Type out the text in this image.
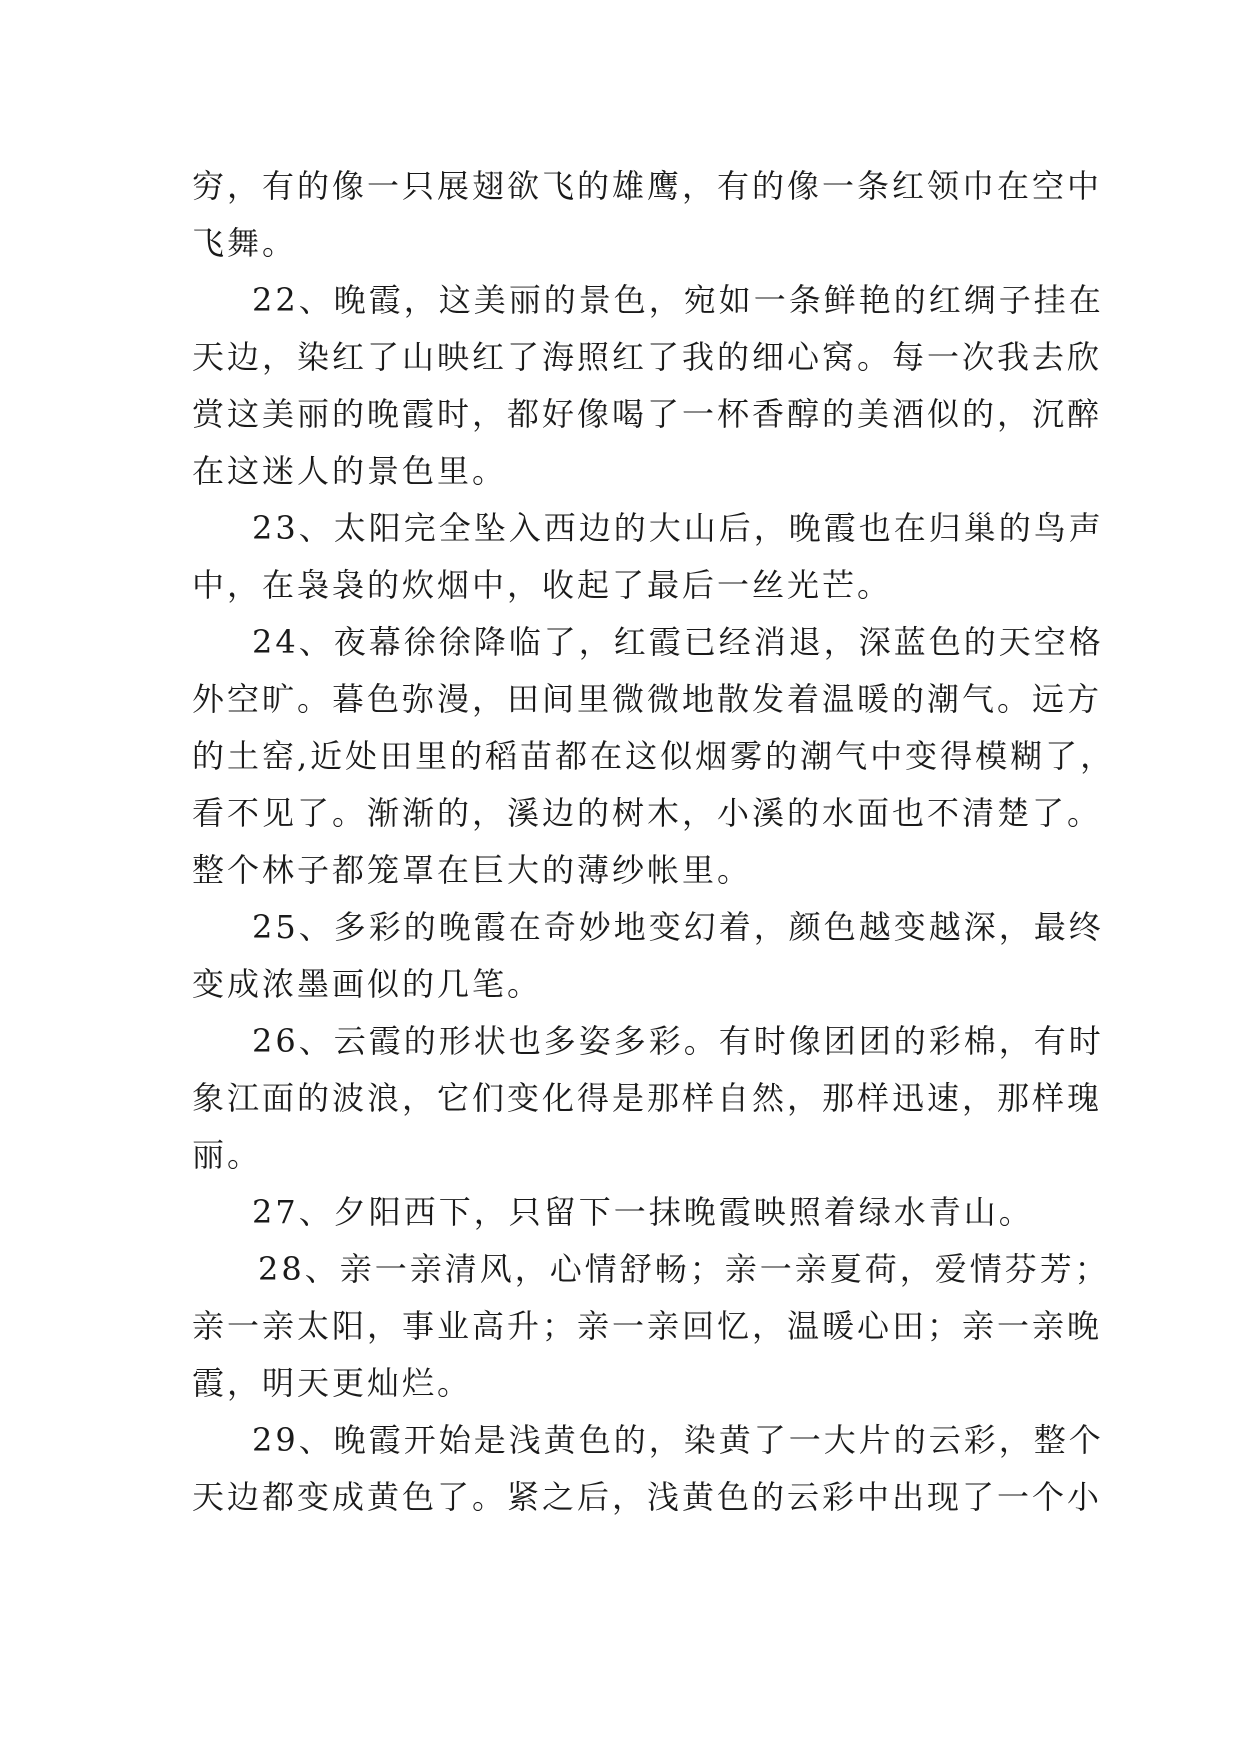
穷，有的像一只展翅欲飞的雄鹰，有的像一条红领巾在空中
飞舞。
22、晚霞，这美丽的景色，宛如一条鲜艳的红绸子挂在
天边，染红了山映红了海照红了我的细心窝。每一次我去欣
赏这美丽的晚霞时，都好像喝了一杯香醇的美酒似的，沉醉
在这迷人的景色里。
23、太阳完全坠入西边的大山后，晚霞也在归巢的鸟声
中，在袅袅的炊烟中，收起了最后一丝光芒。
24、夜幕徐徐降临了，红霞已经消退，深蓝色的天空格
外空旷。暮色弥漫，田间里微微地散发着温暖的潮气。远方
的土窑,近处田里的稻苗都在这似烟雾的潮气中变得模糊了，
看不见了。渐渐的，溪边的树木，小溪的水面也不清楚了。
整个林子都笼罩在巨大的薄纱帐里。
25、多彩的晚霞在奇妙地变幻着，颜色越变越深，最终
变成浓墨画似的几笔。
26、云霞的形状也多姿多彩。有时像团团的彩棉，有时
象江面的波浪，它们变化得是那样自然，那样迅速，那样瑰
丽。
27、夕阳西下，只留下一抹晚霞映照着绿水青山。
28、亲一亲清风，心情舒畅；亲一亲夏荷，爱情芬芳；
亲一亲太阳，事业高升；亲一亲回忆，温暖心田；亲一亲晚
霞，明天更灿烂。
29、晚霞开始是浅黄色的，染黄了一大片的云彩，整个
天边都变成黄色了。紧之后，浅黄色的云彩中出现了一个小
